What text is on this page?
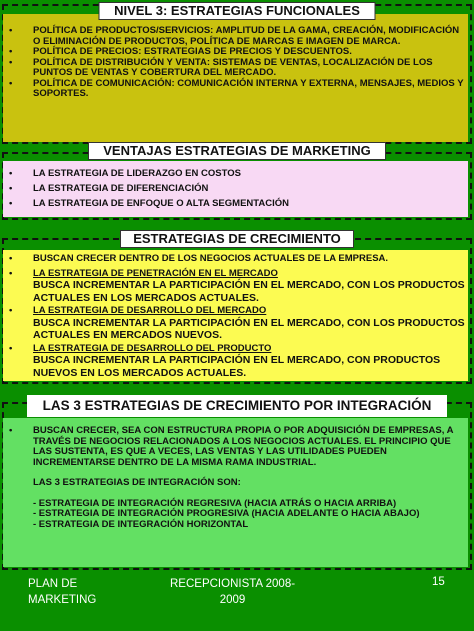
• POLÍTICA DE PRODUCTOS/SERVICIOS: AMPLITUD DE LA GAMA, CREACIÓN, MODIFICACIÓN O ELIMINACIÓN DE PRODUCTOS, POLÍTICA DE MARCAS E IMAGEN DE MARCA.
• POLÍTICA DE PRECIOS: ESTRATEGIAS DE PRECIOS Y DESCUENTOS.
• POLÍTICA DE DISTRIBUCIÓN Y VENTA: SISTEMAS DE VENTAS, LOCALIZACIÓN DE LOS PUNTOS DE VENTAS Y COBERTURA DEL MERCADO.
• POLÍTICA DE COMUNICACIÓN: COMUNICACIÓN INTERNA Y EXTERNA, MENSAJES, MEDIOS Y SOPORTES.
NIVEL 3: ESTRATEGIAS FUNCIONALES
• LA ESTRATEGIA DE LIDERAZGO EN COSTOS
• LA ESTRATEGIA DE DIFERENCIACIÓN
• LA ESTRATEGIA DE ENFOQUE O ALTA SEGMENTACIÓN
VENTAJAS ESTRATEGIAS DE MARKETING
• BUSCAN CRECER DENTRO DE LOS NEGOCIOS ACTUALES DE LA EMPRESA.
• LA ESTRATEGIA DE PENETRACIÓN EN EL MERCADO
BUSCA INCREMENTAR LA PARTICIPACIÓN EN EL MERCADO, CON LOS PRODUCTOS ACTUALES EN LOS MERCADOS ACTUALES.
• LA ESTRATEGIA DE DESARROLLO DEL MERCADO
BUSCA INCREMENTAR LA PARTICIPACIÓN EN EL MERCADO, CON LOS PRODUCTOS ACTUALES EN MERCADOS NUEVOS.
• LA ESTRATEGIA DE DESARROLLO DEL PRODUCTO
BUSCA INCREMENTAR LA PARTICIPACIÓN EN EL MERCADO, CON PRODUCTOS NUEVOS EN LOS MERCADOS ACTUALES.
ESTRATEGIAS DE CRECIMIENTO
• BUSCAN CRECER, SEA CON ESTRUCTURA PROPIA O POR ADQUISICIÓN DE EMPRESAS, A TRAVÉS DE NEGOCIOS RELACIONADOS A LOS NEGOCIOS ACTUALES. EL PRINCIPIO QUE LAS SUSTENTA, ES QUE A VECES, LAS VENTAS Y LAS UTILIDADES PUEDEN INCREMENTARSE DENTRO DE LA MISMA RAMA INDUSTRIAL.
LAS 3 ESTRATEGIAS DE INTEGRACIÓN SON:
- ESTRATEGIA DE INTEGRACIÓN REGRESIVA (HACIA ATRÁS O HACIA ARRIBA)
- ESTRATEGIA DE INTEGRACIÓN PROGRESIVA (HACIA ADELANTE O HACIA ABAJO)
- ESTRATEGIA DE INTEGRACIÓN HORIZONTAL
LAS 3 ESTRATEGIAS DE CRECIMIENTO POR INTEGRACIÓN
PLAN DE
MARKETING
RECEPCIONISTA 2008-
2009
15
